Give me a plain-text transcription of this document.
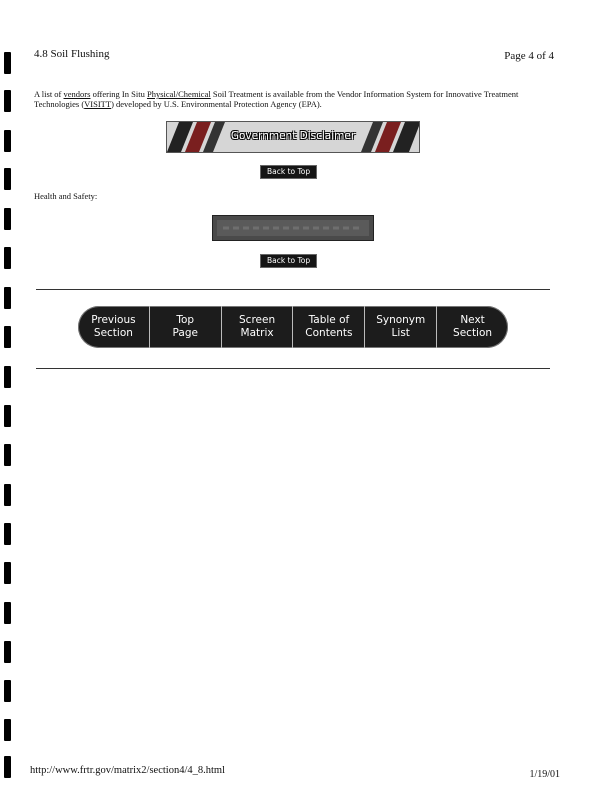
4.8 Soil Flushing	Page 4 of 4
A list of vendors offering In Situ Physical/Chemical Soil Treatment is available from the Vendor Information System for Innovative Treatment Technologies (VISITT) developed by U.S. Environmental Protection Agency (EPA).
Government Disclaimer
Back to Top
Health and Safety:
Back to Top
Previous
Section
Top
Page
Screen
Matrix
Table of
Contents
Synonym
List
Next
Section
http://www.frtr.gov/matrix2/section4/4_8.html	1/19/01
